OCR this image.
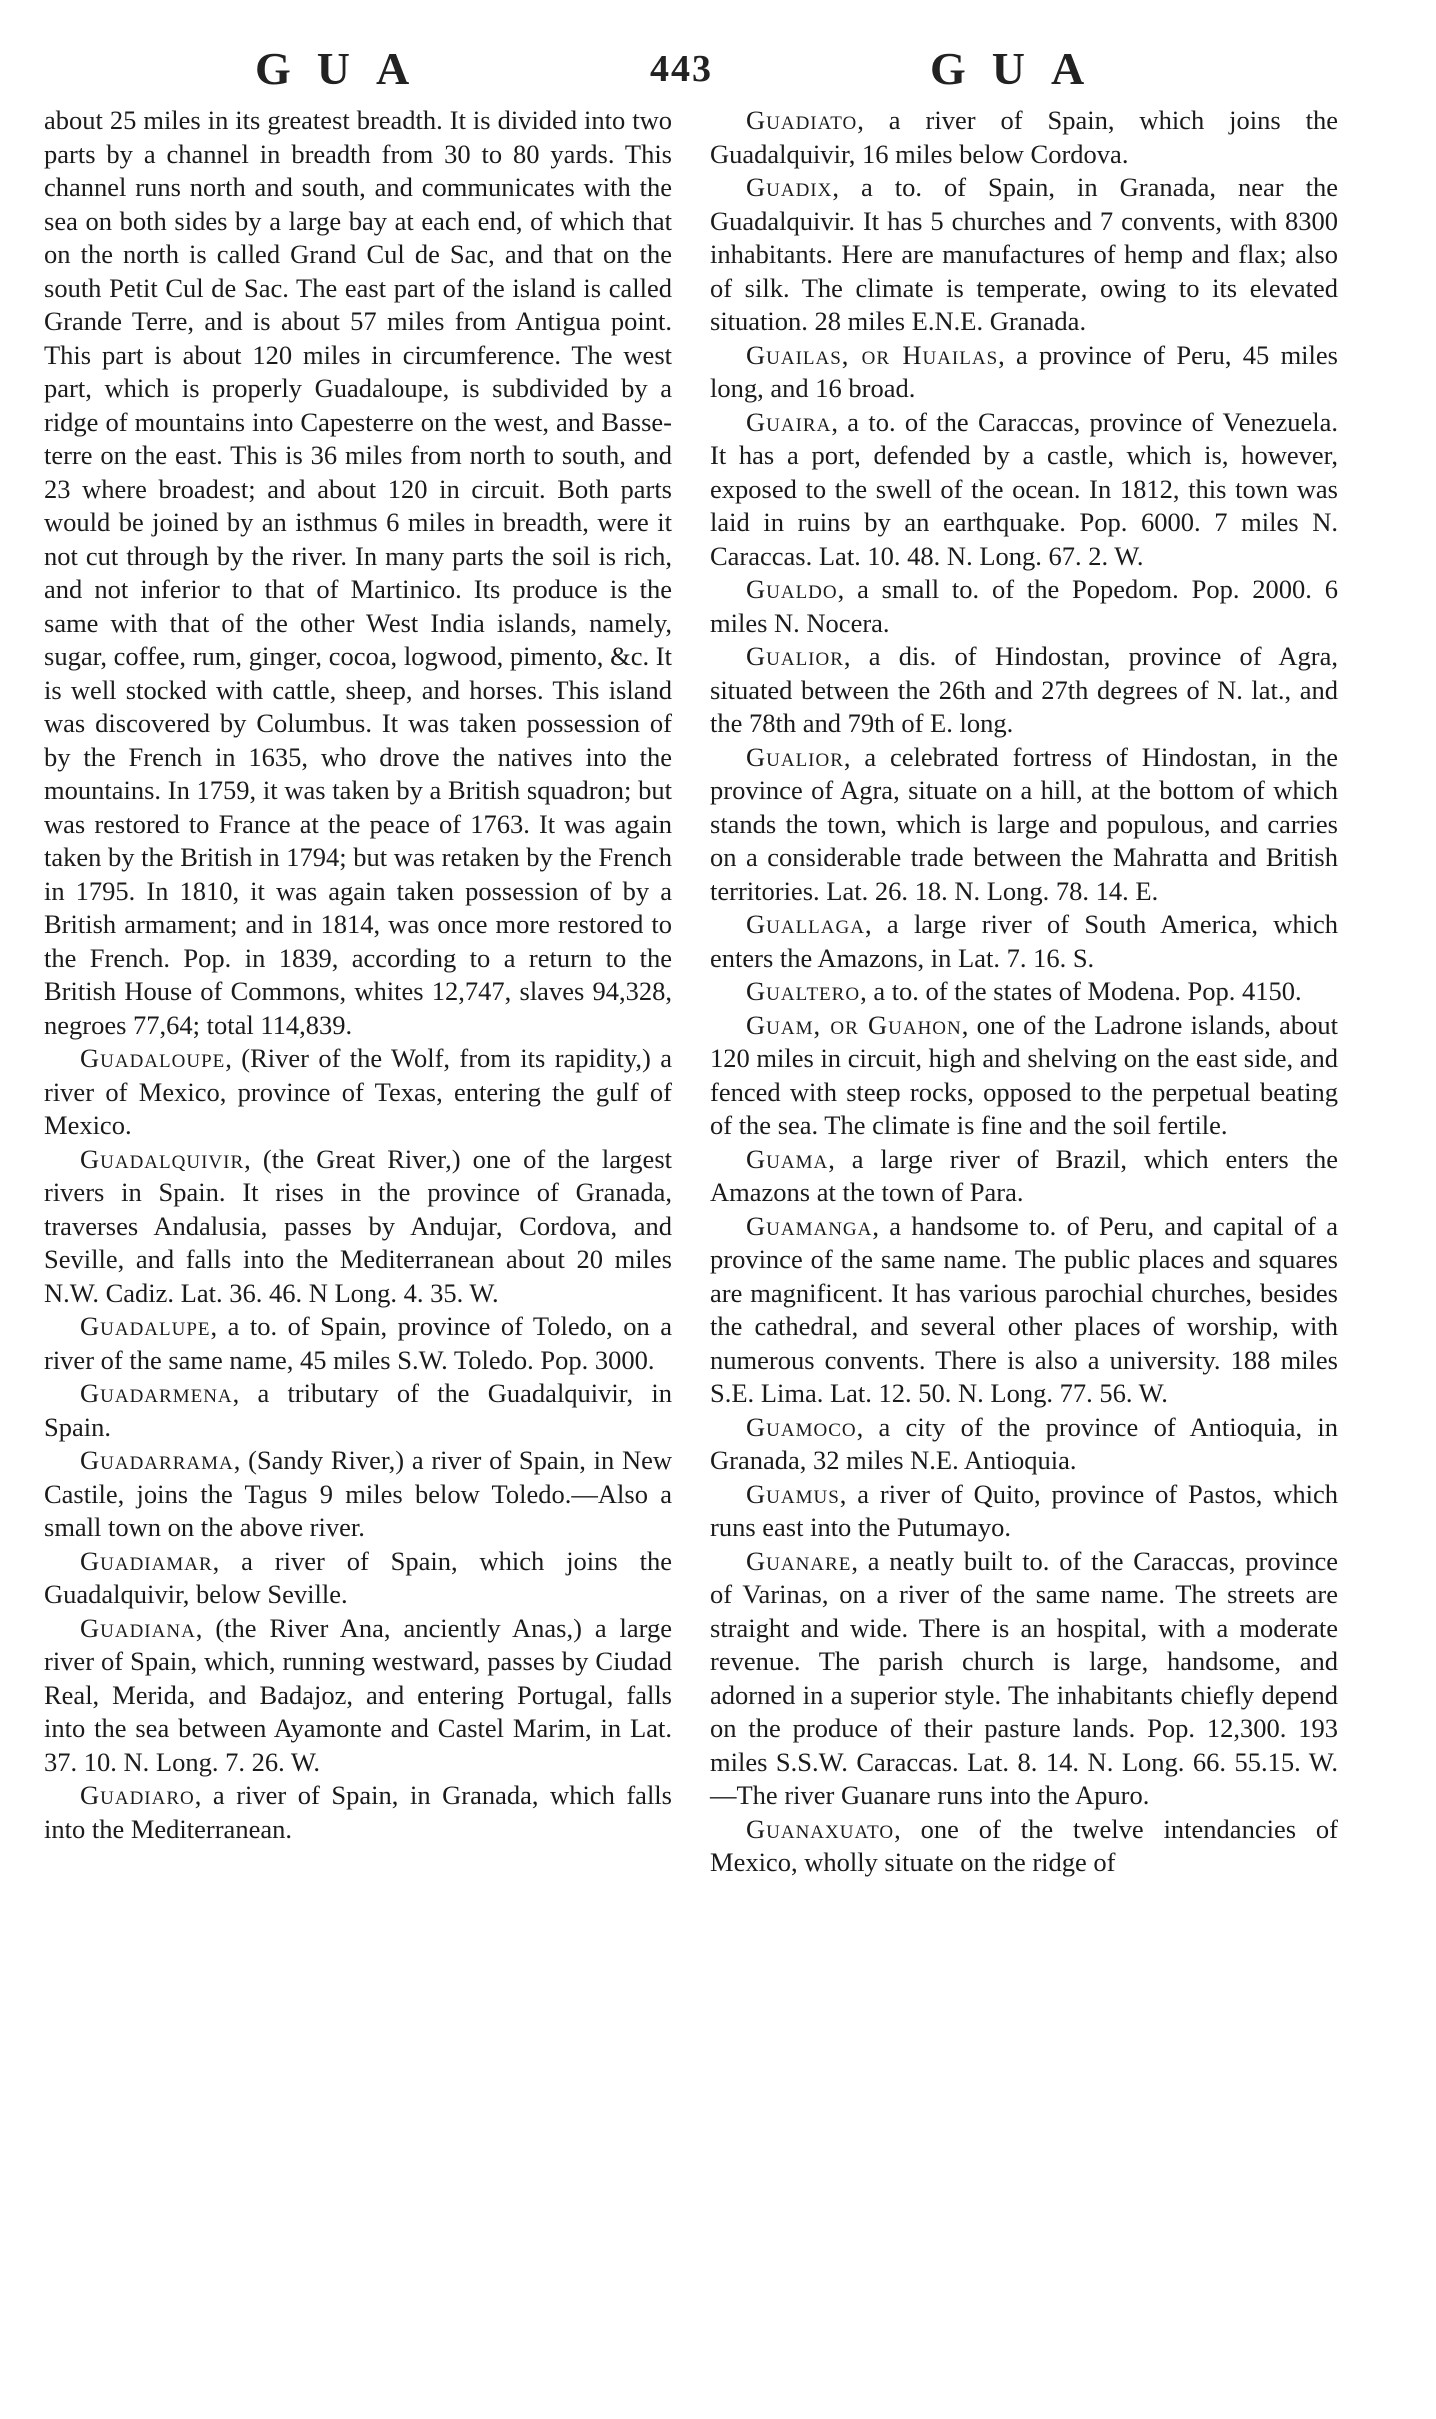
GUA	443	GUA

about 25 miles in its greatest breadth. It is divided into two parts by a channel in breadth from 30 to 80 yards. This channel runs north and south, and communicates with the sea on both sides by a large bay at each end, of which that on the north is called Grand Cul de Sac, and that on the south Petit Cul de Sac. The east part of the island is called Grande Terre, and is about 57 miles from Antigua point. This part is about 120 miles in circumference. The west part, which is properly Guadaloupe, is subdivided by a ridge of mountains into Capesterre on the west, and Basse-terre on the east. This is 36 miles from north to south, and 23 where broadest; and about 120 in circuit. Both parts would be joined by an isthmus 6 miles in breadth, were it not cut through by the river. In many parts the soil is rich, and not inferior to that of Martinico. Its produce is the same with that of the other West India islands, namely, sugar, coffee, rum, ginger, cocoa, logwood, pimento, &c. It is well stocked with cattle, sheep, and horses. This island was discovered by Columbus. It was taken possession of by the French in 1635, who drove the natives into the mountains. In 1759, it was taken by a British squadron; but was restored to France at the peace of 1763. It was again taken by the British in 1794; but was retaken by the French in 1795. In 1810, it was again taken possession of by a British armament; and in 1814, was once more restored to the French. Pop. in 1839, according to a return to the British House of Commons, whites 12,747, slaves 94,328, negroes 77,64; total 114,839.

Guadaloupe, (River of the Wolf, from its rapidity,) a river of Mexico, province of Texas, entering the gulf of Mexico.

Guadalquivir, (the Great River,) one of the largest rivers in Spain. It rises in the province of Granada, traverses Andalusia, passes by Andujar, Cordova, and Seville, and falls into the Mediterranean about 20 miles N.W. Cadiz. Lat. 36. 46. N Long. 4. 35. W.

Guadalupe, a to. of Spain, province of Toledo, on a river of the same name, 45 miles S.W. Toledo. Pop. 3000.

Guadarmena, a tributary of the Guadalquivir, in Spain.

Guadarrama, (Sandy River,) a river of Spain, in New Castile, joins the Tagus 9 miles below Toledo.—Also a small town on the above river.

Guadiamar, a river of Spain, which joins the Guadalquivir, below Seville.

Guadiana, (the River Ana, anciently Anas,) a large river of Spain, which, running westward, passes by Ciudad Real, Merida, and Badajoz, and entering Portugal, falls into the sea between Ayamonte and Castel Marim, in Lat. 37. 10. N. Long. 7. 26. W.

Guadiaro, a river of Spain, in Granada, which falls into the Mediterranean.

Guadiato, a river of Spain, which joins the Guadalquivir, 16 miles below Cordova.

Guadix, a to. of Spain, in Granada, near the Guadalquivir. It has 5 churches and 7 convents, with 8300 inhabitants. Here are manufactures of hemp and flax; also of silk. The climate is temperate, owing to its elevated situation. 28 miles E.N.E. Granada.

Guailas, or Huailas, a province of Peru, 45 miles long, and 16 broad.

Guaira, a to. of the Caraccas, province of Venezuela. It has a port, defended by a castle, which is, however, exposed to the swell of the ocean. In 1812, this town was laid in ruins by an earthquake. Pop. 6000. 7 miles N. Caraccas. Lat. 10. 48. N. Long. 67. 2. W.

Gualdo, a small to. of the Popedom. Pop. 2000. 6 miles N. Nocera.

Gualior, a dis. of Hindostan, province of Agra, situated between the 26th and 27th degrees of N. lat., and the 78th and 79th of E. long.

Gualior, a celebrated fortress of Hindostan, in the province of Agra, situate on a hill, at the bottom of which stands the town, which is large and populous, and carries on a considerable trade between the Mahratta and British territories. Lat. 26. 18. N. Long. 78. 14. E.

Guallaga, a large river of South America, which enters the Amazons, in Lat. 7. 16. S.

Gualtero, a to. of the states of Modena. Pop. 4150.

Guam, or Guahon, one of the Ladrone islands, about 120 miles in circuit, high and shelving on the east side, and fenced with steep rocks, opposed to the perpetual beating of the sea. The climate is fine and the soil fertile.

Guama, a large river of Brazil, which enters the Amazons at the town of Para.

Guamanga, a handsome to. of Peru, and capital of a province of the same name. The public places and squares are magnificent. It has various parochial churches, besides the cathedral, and several other places of worship, with numerous convents. There is also a university. 188 miles S.E. Lima. Lat. 12. 50. N. Long. 77. 56. W.

Guamoco, a city of the province of Antioquia, in Granada, 32 miles N.E. Antioquia.

Guamus, a river of Quito, province of Pastos, which runs east into the Putumayo.

Guanare, a neatly built to. of the Caraccas, province of Varinas, on a river of the same name. The streets are straight and wide. There is an hospital, with a moderate revenue. The parish church is large, handsome, and adorned in a superior style. The inhabitants chiefly depend on the produce of their pasture lands. Pop. 12,300. 193 miles S.S.W. Caraccas. Lat. 8. 14. N. Long. 66. 55.15. W. —The river Guanare runs into the Apuro.

Guanaxuato, one of the twelve intendancies of Mexico, wholly situate on the ridge of
